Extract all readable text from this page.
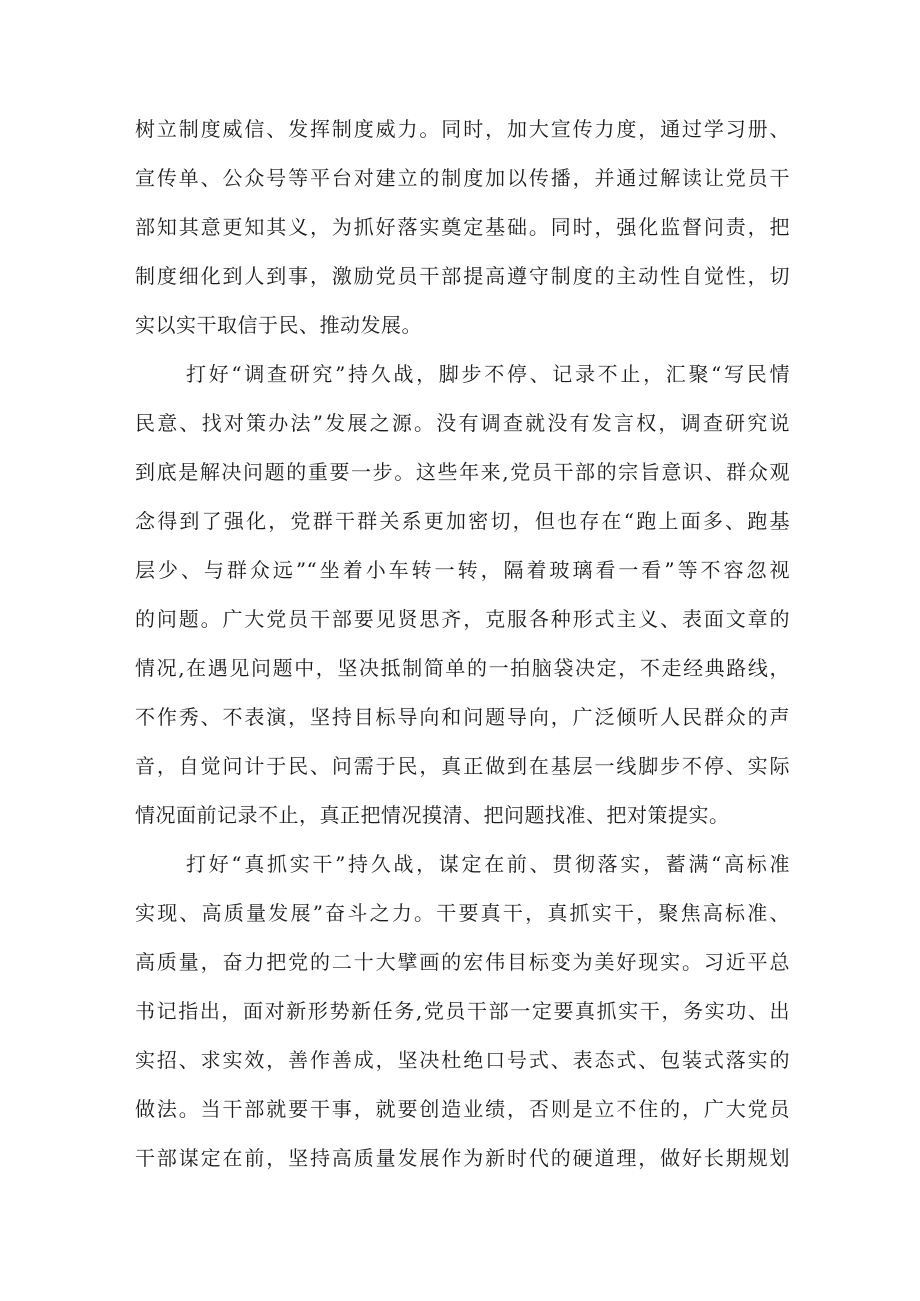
树立制度威信、发挥制度威力。同时，加大宣传力度，通过学习册、

宣传单、公众号等平台对建立的制度加以传播，并通过解读让党员干

部知其意更知其义，为抓好落实奠定基础。同时，强化监督问责，把

制度细化到人到事，激励党员干部提高遵守制度的主动性自觉性，切

实以实干取信于民、推动发展。

打好“调查研究”持久战，脚步不停、记录不止，汇聚“写民情

民意、找对策办法”发展之源。没有调查就没有发言权，调查研究说

到底是解决问题的重要一步。这些年来,党员干部的宗旨意识、群众观

念得到了强化，党群干群关系更加密切，但也存在“跑上面多、跑基

层少、与群众远”“坐着小车转一转，隔着玻璃看一看”等不容忽视

的问题。广大党员干部要见贤思齐，克服各种形式主义、表面文章的

情况,在遇见问题中，坚决抵制简单的一拍脑袋决定，不走经典路线，

不作秀、不表演，坚持目标导向和问题导向，广泛倾听人民群众的声

音，自觉问计于民、问需于民，真正做到在基层一线脚步不停、实际

情况面前记录不止，真正把情况摸清、把问题找准、把对策提实。

打好“真抓实干”持久战，谋定在前、贯彻落实，蓄满“高标准

实现、高质量发展”奋斗之力。干要真干，真抓实干，聚焦高标准、

高质量，奋力把党的二十大擘画的宏伟目标变为美好现实。习近平总

书记指出，面对新形势新任务,党员干部一定要真抓实干，务实功、出

实招、求实效，善作善成，坚决杜绝口号式、表态式、包装式落实的

做法。当干部就要干事，就要创造业绩，否则是立不住的，广大党员

干部谋定在前，坚持高质量发展作为新时代的硬道理，做好长期规划
